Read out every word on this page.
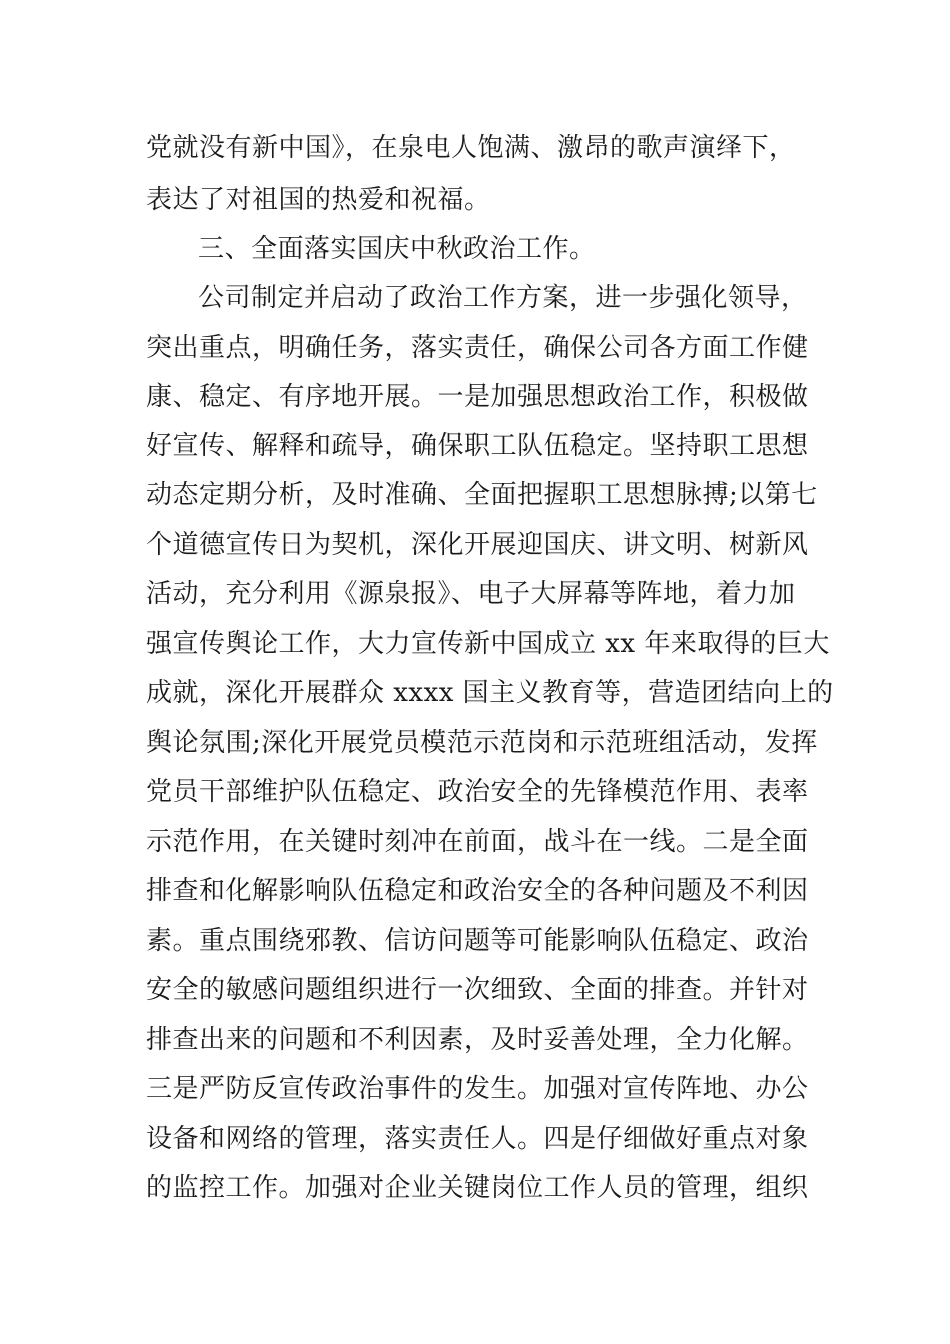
党就没有新中国》，在泉电人饱满、激昂的歌声演绎下，
表达了对祖国的热爱和祝福。
三、全面落实国庆中秋政治工作。
公司制定并启动了政治工作方案，进一步强化领导，
突出重点，明确任务，落实责任，确保公司各方面工作健
康、稳定、有序地开展。一是加强思想政治工作，积极做
好宣传、解释和疏导，确保职工队伍稳定。坚持职工思想
动态定期分析，及时准确、全面把握职工思想脉搏;以第七
个道德宣传日为契机，深化开展迎国庆、讲文明、树新风
活动，充分利用《源泉报》、电子大屏幕等阵地，着力加
强宣传舆论工作，大力宣传新中国成立 xx 年来取得的巨大
成就，深化开展群众 xxxx 国主义教育等，营造团结向上的
舆论氛围;深化开展党员模范示范岗和示范班组活动，发挥
党员干部维护队伍稳定、政治安全的先锋模范作用、表率
示范作用，在关键时刻冲在前面，战斗在一线。二是全面
排查和化解影响队伍稳定和政治安全的各种问题及不利因
素。重点围绕邪教、信访问题等可能影响队伍稳定、政治
安全的敏感问题组织进行一次细致、全面的排查。并针对
排查出来的问题和不利因素，及时妥善处理，全力化解。
三是严防反宣传政治事件的发生。加强对宣传阵地、办公
设备和网络的管理，落实责任人。四是仔细做好重点对象
的监控工作。加强对企业关键岗位工作人员的管理，组织
